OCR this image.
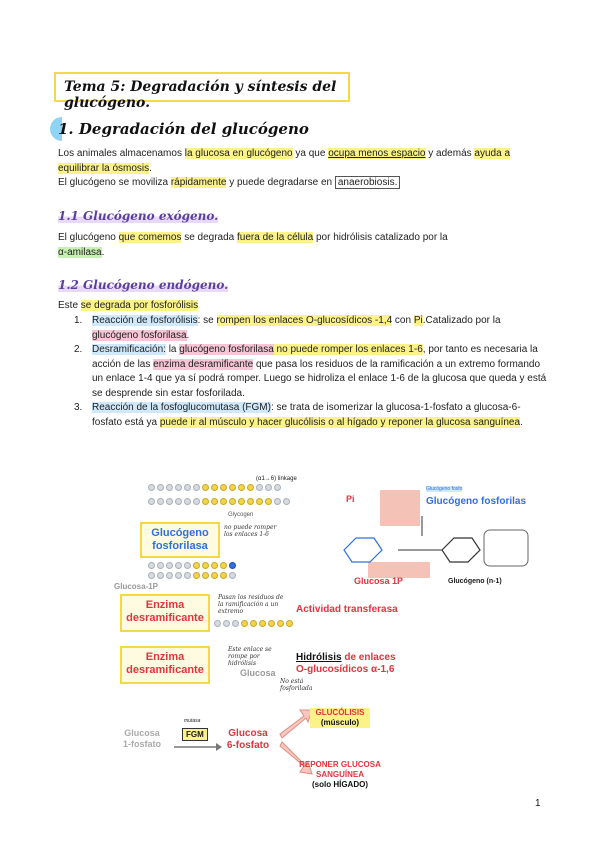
Tema 5: Degradación y síntesis del glucógeno.
1.
Degradación del glucógeno
Los animales almacenamos la glucosa en glucógeno ya que ocupa menos espacio y además ayuda a equilibrar la ósmosis.
El glucógeno se moviliza rápidamente y puede degradarse en anaerobiosis.
1.1 Glucógeno exógeno.
El glucógeno que comemos se degrada fuera de la célula por hidrólisis catalizado por la
α-amilasa.
1.2 Glucógeno endógeno.
Este se degrada por fosforólisis
1. Reacción de fosforólisis: se rompen los enlaces O-glucosídicos -1,4 con Pi.Catalizado por la glucógeno fosforilasa.
2. Desramificación: la glucógeno fosforilasa no puede romper los enlaces 1-6, por tanto es necesaria la acción de las enzima desramificante que pasa los residuos de la ramificación a un extremo formando un enlace 1-4 que ya sí podrá romper. Luego se hidroliza el enlace 1-6 de la glucosa que queda y está se desprende sin estar fosforilada.
3. Reacción de la fosfoglucomutasa (FGM): se trata de isomerizar la glucosa-1-fosfato a glucosa-6-fosfato está ya puede ir al músculo y hacer glucólisis o al hígado y reponer la glucosa sanguínea.
(α1→6) linkage
Glycogen
Glucógeno fosforilasa
no puede romper los enlaces 1-6
Glucosa-1P
Enzima desramificante
Pasan los residuos de la ramificación a un extremo	Actividad transferasa
Enzima desramificante
Este enlace se rompe por hidrólisis
Glucosa
Hidrólisis de enlaces
O-glucosídicos α-1,6
No está fosforilada
Pi
Glucógeno fosfo
Glucógeno fosforilas
Glucosa 1P	Glucógeno (n-1)
Glucosa
1-fosfato
mutasa
FGM	Glucosa
6-fosfato
GLUCÓLISIS
(músculo)
REPONER GLUCOSA
SANGUÍNEA
(solo HÍGADO)
1
